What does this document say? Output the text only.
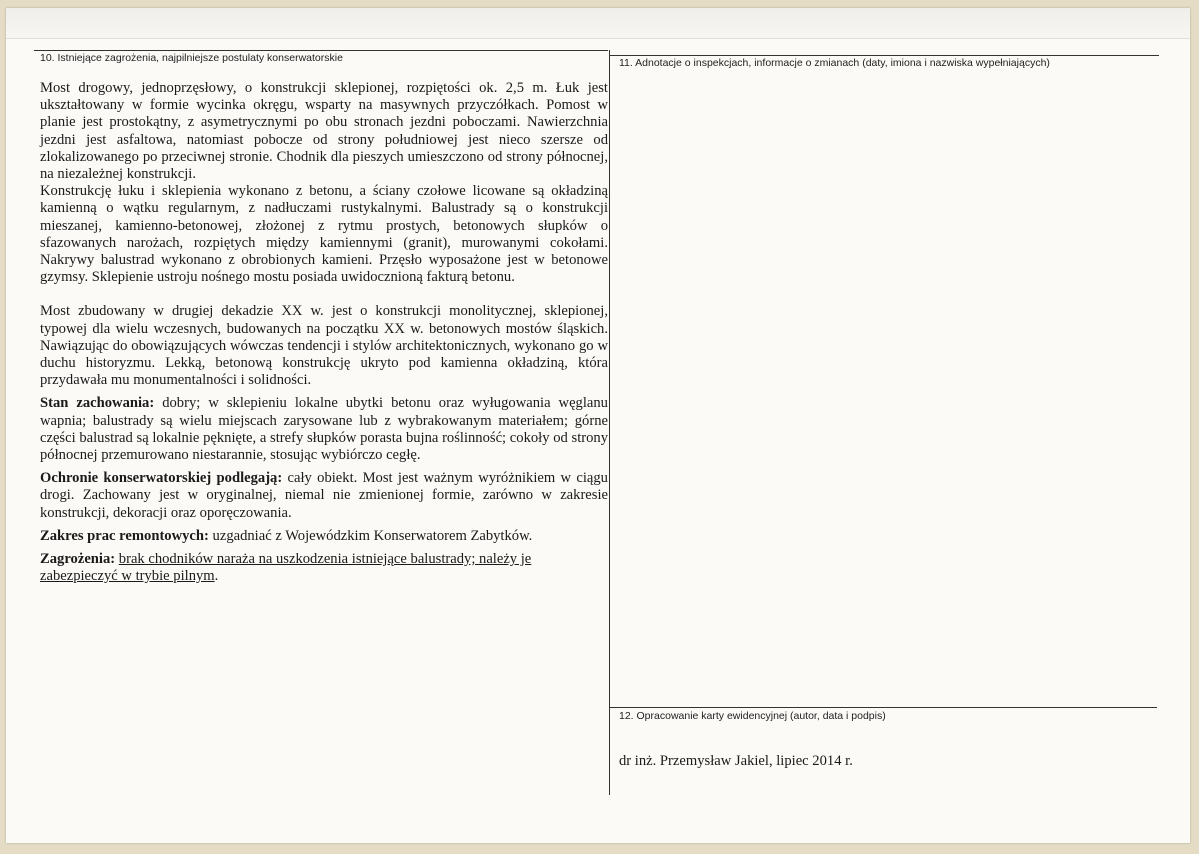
10. Istniejące zagrożenia, najpilniejsze postulaty konserwatorskie	11. Adnotacje o inspekcjach, informacje o zmianach (daty, imiona i nazwiska wypełniających)
12. Opracowanie karty ewidencyjnej (autor, data i podpis)
dr inż. Przemysław Jakiel, lipiec 2014 r.

Most drogowy, jednoprzęsłowy, o konstrukcji sklepionej, rozpiętości ok. 2,5 m. Łuk jest ukształtowany w formie wycinka okręgu, wsparty na masywnych przyczółkach. Pomost w planie jest prostokątny, z asymetrycznymi po obu stronach jezdni poboczami. Nawierzchnia jezdni jest asfaltowa, natomiast pobocze od strony południowej jest nieco szersze od zlokalizowanego po przeciwnej stronie. Chodnik dla pieszych umieszczono od strony północnej, na niezależnej konstrukcji.

Konstrukcję łuku i sklepienia wykonano z betonu, a ściany czołowe licowane są okładziną kamienną o wątku regularnym, z nadłuczami rustykalnymi. Balustrady są o konstrukcji mieszanej, kamienno-betonowej, złożonej z rytmu prostych, betonowych słupków o sfazowanych narożach, rozpiętych między kamiennymi (granit), murowanymi cokołami. Nakrywy balustrad wykonano z obrobionych kamieni. Przęsło wyposażone jest w betonowe gzymsy. Sklepienie ustroju nośnego mostu posiada uwidocznioną fakturą betonu.

Most zbudowany w drugiej dekadzie XX w. jest o konstrukcji monolitycznej, sklepionej, typowej dla wielu wczesnych, budowanych na początku XX w. betonowych mostów śląskich. Nawiązując do obowiązujących wówczas tendencji i stylów architektonicznych, wykonano go w duchu historyzmu. Lekką, betonową konstrukcję ukryto pod kamienna okładziną, która przydawała mu monumentalności i solidności.

Stan zachowania: dobry; w sklepieniu lokalne ubytki betonu oraz wyługowania węglanu wapnia; balustrady są wielu miejscach zarysowane lub z wybrakowanym materiałem; górne części balustrad są lokalnie pęknięte, a strefy słupków porasta bujna roślinność; cokoły od strony północnej przemurowano niestarannie, stosując wybiórczo cegłę.

Ochronie konserwatorskiej podlegają: cały obiekt. Most jest ważnym wyróżnikiem w ciągu drogi. Zachowany jest w oryginalnej, niemal nie zmienionej formie, zarówno w zakresie konstrukcji, dekoracji oraz oporęczowania.

Zakres prac remontowych: uzgadniać z Wojewódzkim Konserwatorem Zabytków.

Zagrożenia: brak chodników naraża na uszkodzenia istniejące balustrady; należy je zabezpieczyć w trybie pilnym.
